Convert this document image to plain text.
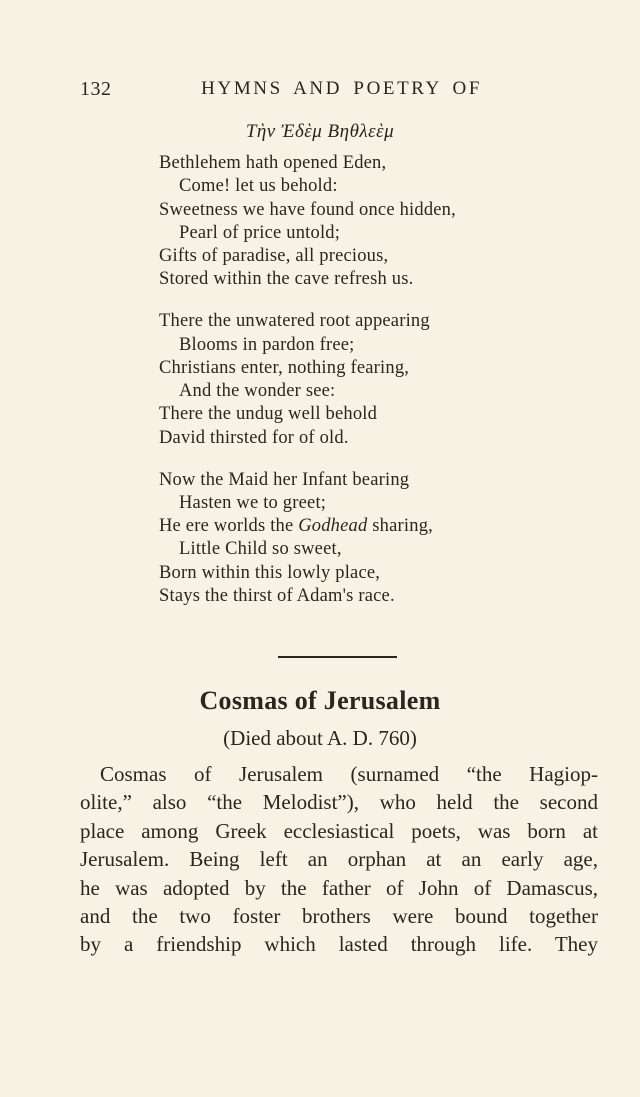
132	HYMNS AND POETRY OF
Τὴν Ἐδὲμ Βηθλεὲμ
Bethlehem hath opened Eden,
Come! let us behold:
Sweetness we have found once hidden,
Pearl of price untold;
Gifts of paradise, all precious,
Stored within the cave refresh us.
There the unwatered root appearing
Blooms in pardon free;
Christians enter, nothing fearing,
And the wonder see:
There the undug well behold
David thirsted for of old.
Now the Maid her Infant bearing
Hasten we to greet;
He ere worlds the Godhead sharing,
Little Child so sweet,
Born within this lowly place,
Stays the thirst of Adam's race.
Cosmas of Jerusalem
(Died about A. D. 760)
Cosmas of Jerusalem (surnamed “the Hagiop-
olite,” also “the Melodist”), who held the second
place among Greek ecclesiastical poets, was born at
Jerusalem. Being left an orphan at an early age,
he was adopted by the father of John of Damascus,
and the two foster brothers were bound together
by a friendship which lasted through life. They
